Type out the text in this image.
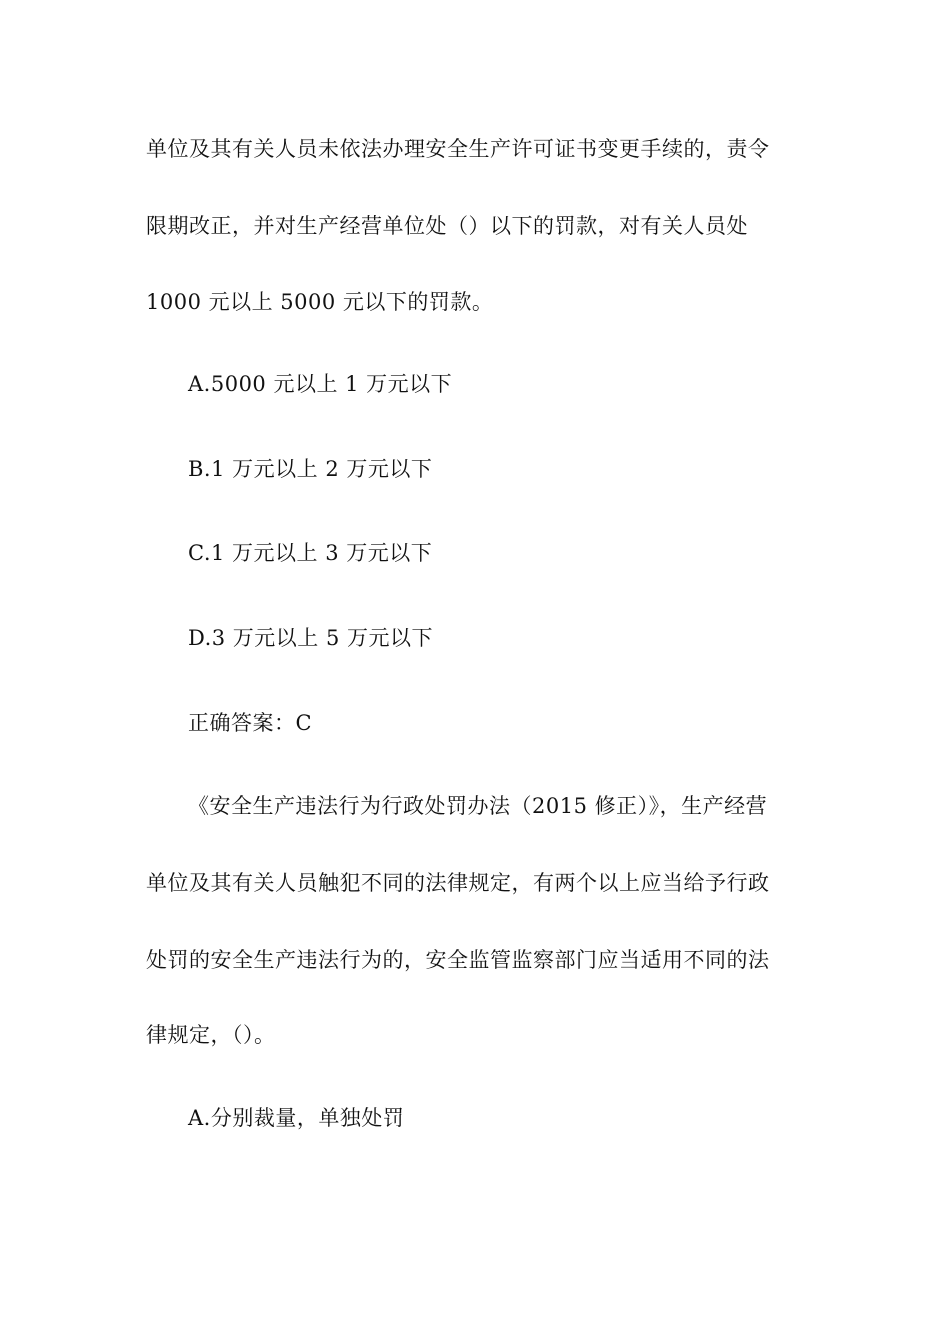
单位及其有关人员未依法办理安全生产许可证书变更手续的，责令
限期改正，并对生产经营单位处（）以下的罚款，对有关人员处
1000 元以上 5000 元以下的罚款。
A.5000 元以上 1 万元以下
B.1 万元以上 2 万元以下
C.1 万元以上 3 万元以下
D.3 万元以上 5 万元以下
正确答案：C
《安全生产违法行为行政处罚办法（2015 修正）》，生产经营
单位及其有关人员触犯不同的法律规定，有两个以上应当给予行政
处罚的安全生产违法行为的，安全监管监察部门应当适用不同的法
律规定，（）。
A.分别裁量，单独处罚
